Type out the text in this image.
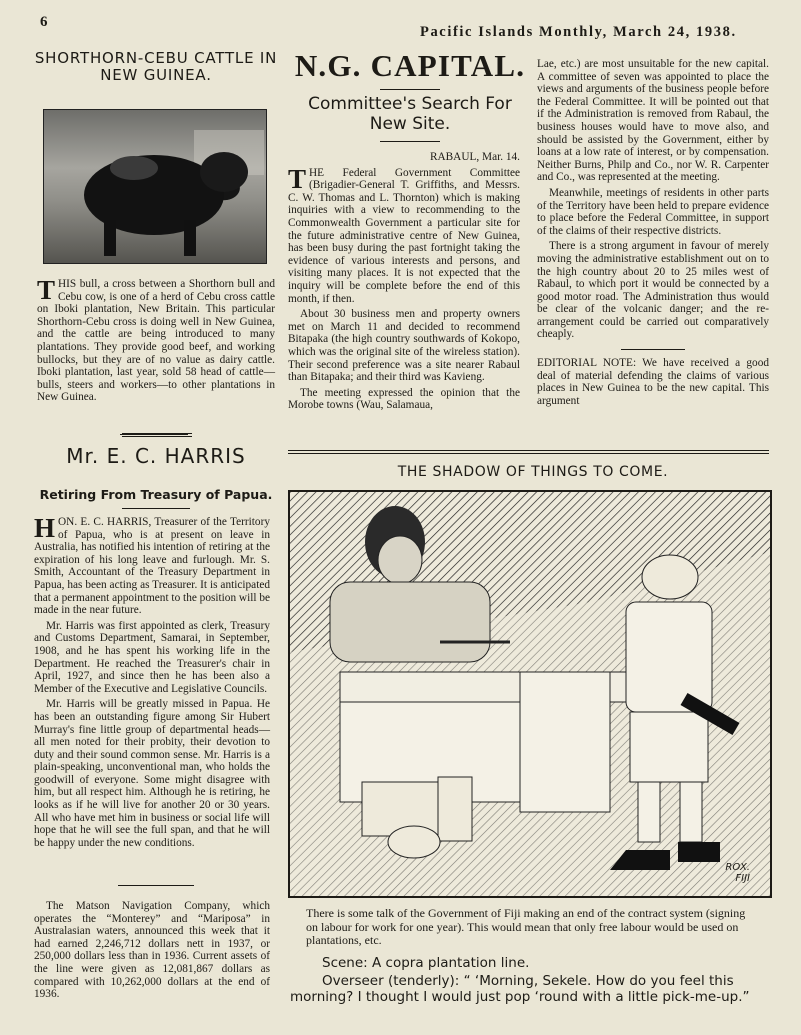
6
Pacific Islands Monthly, March 24, 1938.
SHORTHORN-CEBU CATTLE IN NEW GUINEA.

THIS bull, a cross between a Shorthorn bull and Cebu cow, is one of a herd of Cebu cross cattle on Iboki plantation, New Britain. This particular Shorthorn-Cebu cross is doing well in New Guinea, and the cattle are being introduced to many plantations. They provide good beef, and working bullocks, but they are of no value as dairy cattle. Iboki plantation, last year, sold 58 head of cattle—bulls, steers and workers—to other plantations in New Guinea.

N.G. CAPITAL.
Committee's Search For New Site.

RABAUL, Mar. 14.

THE Federal Government Committee (Brigadier-General T. Griffiths, and Messrs. C. W. Thomas and L. Thornton) which is making inquiries with a view to recommending to the Commonwealth Government a particular site for the future administrative centre of New Guinea, has been busy during the past fortnight taking the evidence of various interests and persons, and visiting many places. It is not expected that the inquiry will be complete before the end of this month, if then.

About 30 business men and property owners met on March 11 and decided to recommend Bitapaka (the high country southwards of Kokopo, which was the original site of the wireless station). Their second preference was a site nearer Rabaul than Bitapaka; and their third was Kavieng.

The meeting expressed the opinion that the Morobe towns (Wau, Salamaua,

Lae, etc.) are most unsuitable for the new capital. A committee of seven was appointed to place the views and arguments of the business people before the Federal Committee. It will be pointed out that if the Administration is removed from Rabaul, the business houses would have to move also, and should be assisted by the Government, either by loans at a low rate of interest, or by compensation. Neither Burns, Philp and Co., nor W. R. Carpenter and Co., was represented at the meeting.

Meanwhile, meetings of residents in other parts of the Territory have been held to prepare evidence to place before the Federal Committee, in support of the claims of their respective districts.

There is a strong argument in favour of merely moving the administrative establishment out on to the high country about 20 to 25 miles west of Rabaul, to which port it would be connected by a good motor road. The Administration thus would be clear of the volcanic danger; and the re-arrangement could be carried out comparatively cheaply.

EDITORIAL NOTE: We have received a good deal of material defending the claims of various places in New Guinea to be the new capital. This argument

Mr. E. C. HARRIS
Retiring From Treasury of Papua.

HON. E. C. HARRIS, Treasurer of the Territory of Papua, who is at present on leave in Australia, has notified his intention of retiring at the expiration of his long leave and furlough. Mr. S. Smith, Accountant of the Treasury Department in Papua, has been acting as Treasurer. It is anticipated that a permanent appointment to the position will be made in the near future.

Mr. Harris was first appointed as clerk, Treasury and Customs Department, Samarai, in September, 1908, and he has spent his working life in the Department. He reached the Treasurer's chair in April, 1927, and since then he has been also a Member of the Executive and Legislative Councils.

Mr. Harris will be greatly missed in Papua. He has been an outstanding figure among Sir Hubert Murray's fine little group of departmental heads—all men noted for their probity, their devotion to duty and their sound common sense. Mr. Harris is a plain-speaking, unconventional man, who holds the goodwill of everyone. Some might disagree with him, but all respect him. Although he is retiring, he looks as if he will live for another 20 or 30 years. All who have met him in business or social life will hope that he will see the full span, and that he will be happy under the new conditions.

The Matson Navigation Company, which operates the “Monterey” and “Mariposa” in Australasian waters, announced this week that it had earned 2,246,712 dollars nett in 1937, or 250,000 dollars less than in 1936. Current assets of the line were given as 12,081,867 dollars as compared with 10,262,000 dollars at the end of 1936.

THE SHADOW OF THINGS TO COME.
ROX.
FIJI
There is some talk of the Government of Fiji making an end of the contract system (signing on labour for work for one year). This would mean that only free labour would be used on plantations, etc.
Scene: A copra plantation line.
Overseer (tenderly): “ ‘Morning, Sekele. How do you feel this morning? I thought I would just pop ‘round with a little pick-me-up.”
